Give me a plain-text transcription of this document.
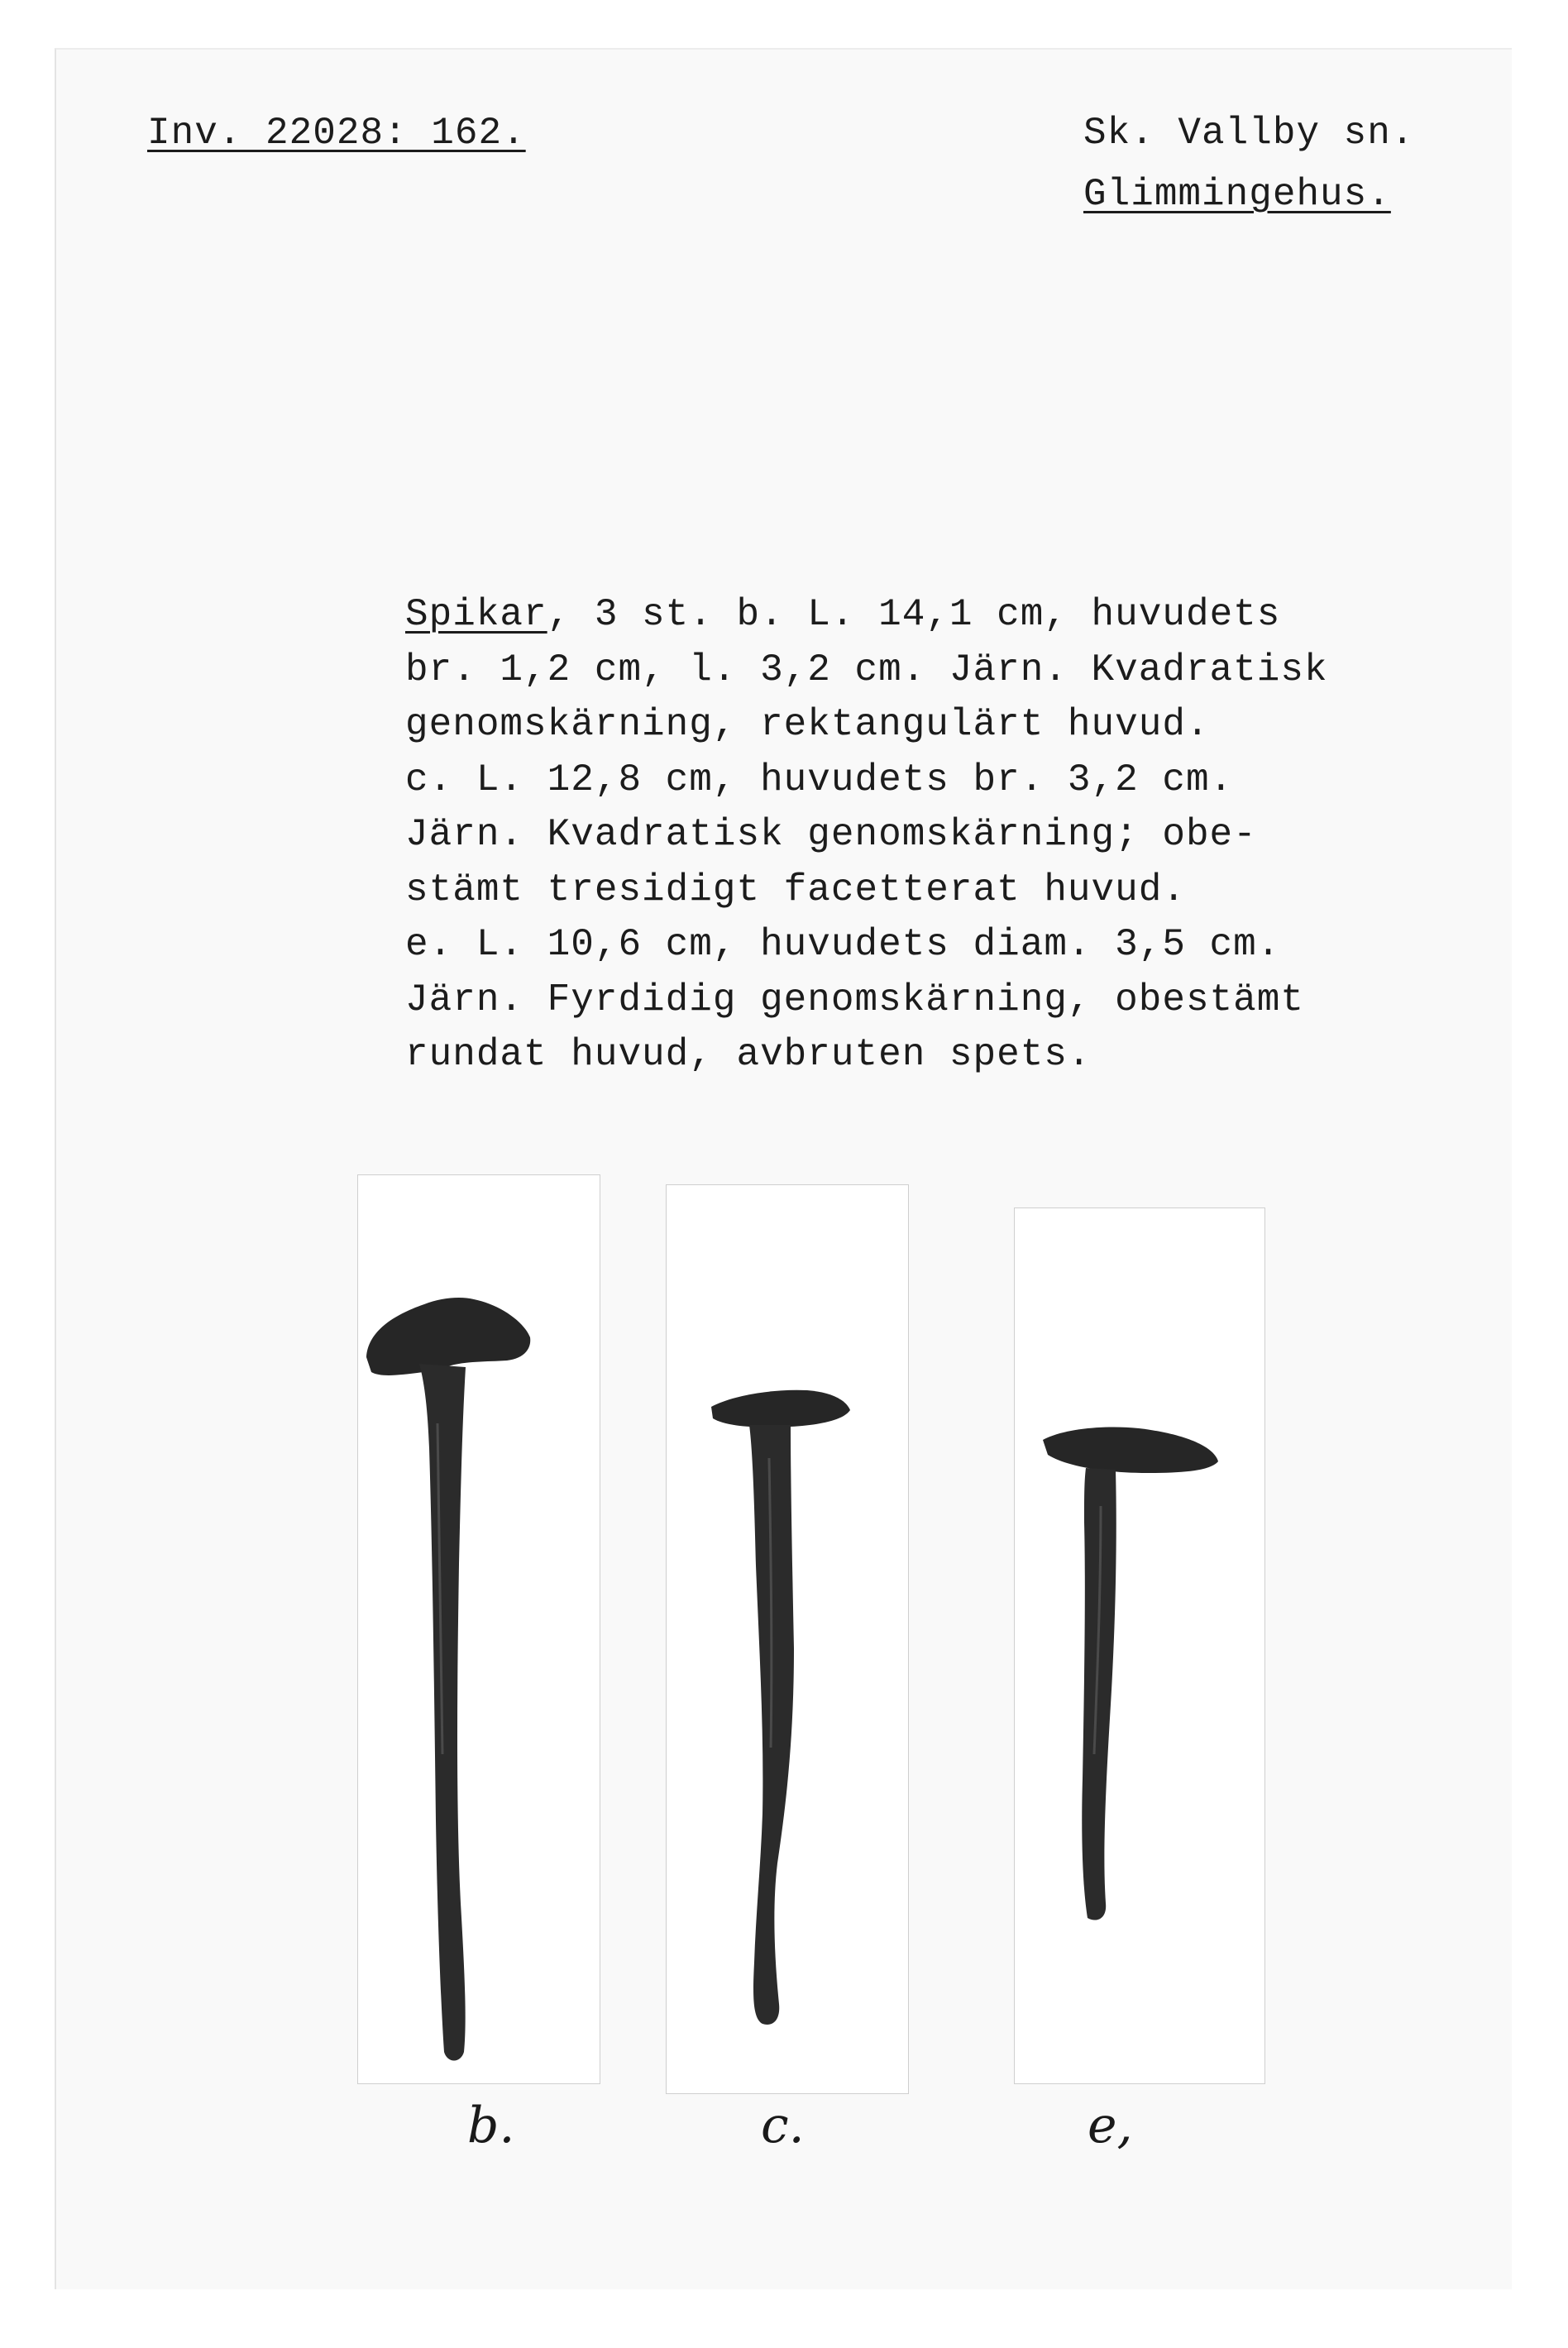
Inv. 22028: 162.	Sk. Vallby sn.
Glimmingehus.
Spikar, 3 st. b. L. 14,1 cm, huvudets
br. 1,2 cm, l. 3,2 cm. Järn. Kvadratisk
genomskärning, rektangulärt huvud.
c. L. 12,8 cm, huvudets br. 3,2 cm.
Järn. Kvadratisk genomskärning; obe-
stämt tresidigt facetterat huvud.
e. L. 10,6 cm, huvudets diam. 3,5 cm.
Järn. Fyrdidig genomskärning, obestämt
rundat huvud, avbruten spets.
b.	c.	e,
